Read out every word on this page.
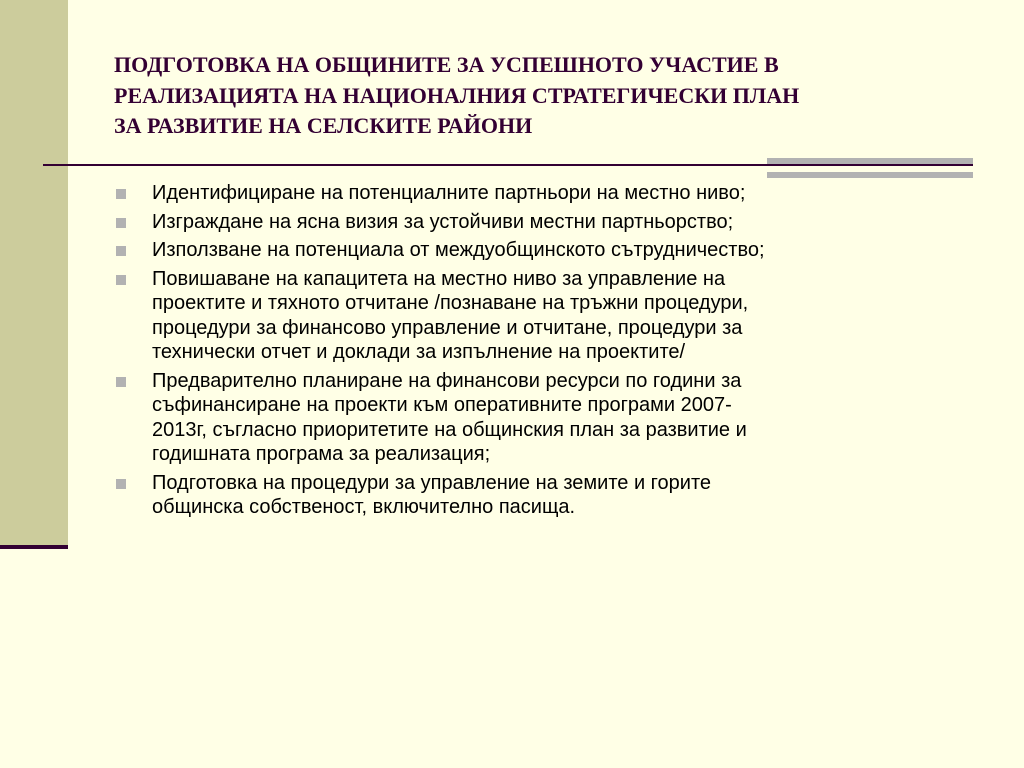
ПОДГОТОВКА НА ОБЩИНИТЕ ЗА УСПЕШНОТО УЧАСТИЕ В
РЕАЛИЗАЦИЯТА НА НАЦИОНАЛНИЯ СТРАТЕГИЧЕСКИ ПЛАН
ЗА РАЗВИТИЕ НА СЕЛСКИТЕ РАЙОНИ
Идентифициране на потенциалните партньори на местно ниво;
Изграждане на ясна визия за устойчиви местни партньорство;
Използване на потенциала от междуобщинското сътрудничество;
Повишаване на капацитета на местно ниво за управление на
проектите и тяхното отчитане /познаване на тръжни процедури,
процедури за финансово управление и отчитане, процедури за
технически отчет и доклади за изпълнение на проектите/
Предварително планиране на финансови ресурси по години за
съфинансиране на проекти към оперативните програми 2007-
2013г, съгласно приоритетите на общинския план за развитие и
годишната програма за реализация;
Подготовка на процедури за управление на земите и горите
общинска собственост, включително пасища.
